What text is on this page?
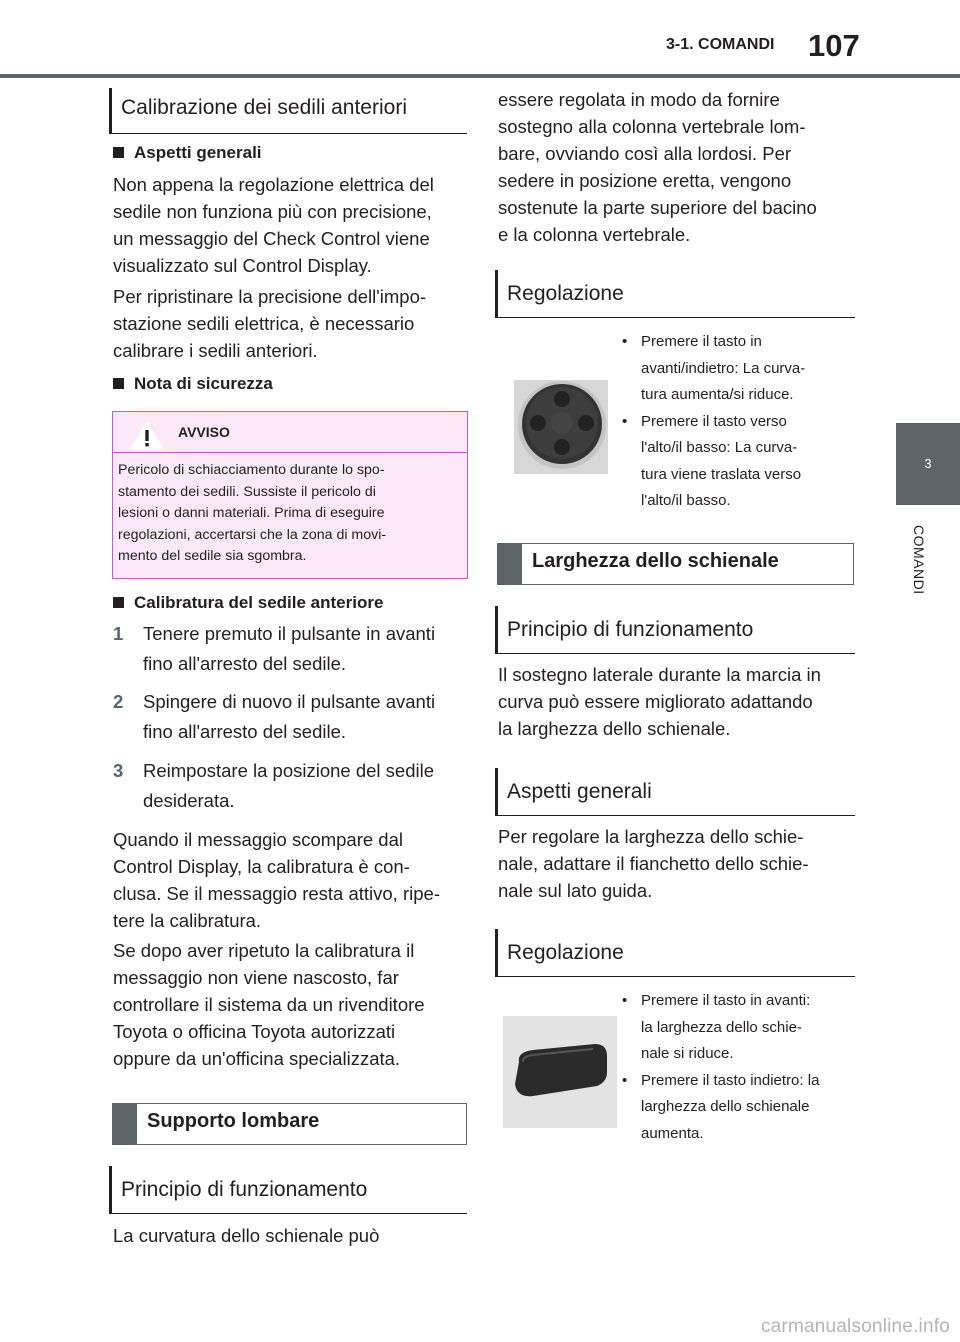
3-1. COMANDI 107
3
COMANDI
Calibrazione dei sedili anteriori
Aspetti generali
Non appena la regolazione elettrica del
sedile non funziona più con precisione,
un messaggio del Check Control viene
visualizzato sul Control Display.
Per ripristinare la precisione dell'impo-
stazione sedili elettrica, è necessario
calibrare i sedili anteriori.
Nota di sicurezza
AVVISO
Pericolo di schiacciamento durante lo spo-
stamento dei sedili. Sussiste il pericolo di
lesioni o danni materiali. Prima di eseguire
regolazioni, accertarsi che la zona di movi-
mento del sedile sia sgombra.
Calibratura del sedile anteriore
1 Tenere premuto il pulsante in avanti
fino all'arresto del sedile.
2 Spingere di nuovo il pulsante avanti
fino all'arresto del sedile.
3 Reimpostare la posizione del sedile
desiderata.
Quando il messaggio scompare dal
Control Display, la calibratura è con-
clusa. Se il messaggio resta attivo, ripe-
tere la calibratura.
Se dopo aver ripetuto la calibratura il
messaggio non viene nascosto, far
controllare il sistema da un rivenditore
Toyota o officina Toyota autorizzati
oppure da un'officina specializzata.
Supporto lombare
Principio di funzionamento
La curvatura dello schienale può
essere regolata in modo da fornire
sostegno alla colonna vertebrale lom-
bare, ovviando così alla lordosi. Per
sedere in posizione eretta, vengono
sostenute la parte superiore del bacino
e la colonna vertebrale.
Regolazione
• Premere il tasto in
avanti/indietro: La curva-
tura aumenta/si riduce.
• Premere il tasto verso
l'alto/il basso: La curva-
tura viene traslata verso
l'alto/il basso.
Larghezza dello schienale
Principio di funzionamento
Il sostegno laterale durante la marcia in
curva può essere migliorato adattando
la larghezza dello schienale.
Aspetti generali
Per regolare la larghezza dello schie-
nale, adattare il fianchetto dello schie-
nale sul lato guida.
Regolazione
• Premere il tasto in avanti:
la larghezza dello schie-
nale si riduce.
• Premere il tasto indietro: la
larghezza dello schienale
aumenta.
carmanualsonline.info
